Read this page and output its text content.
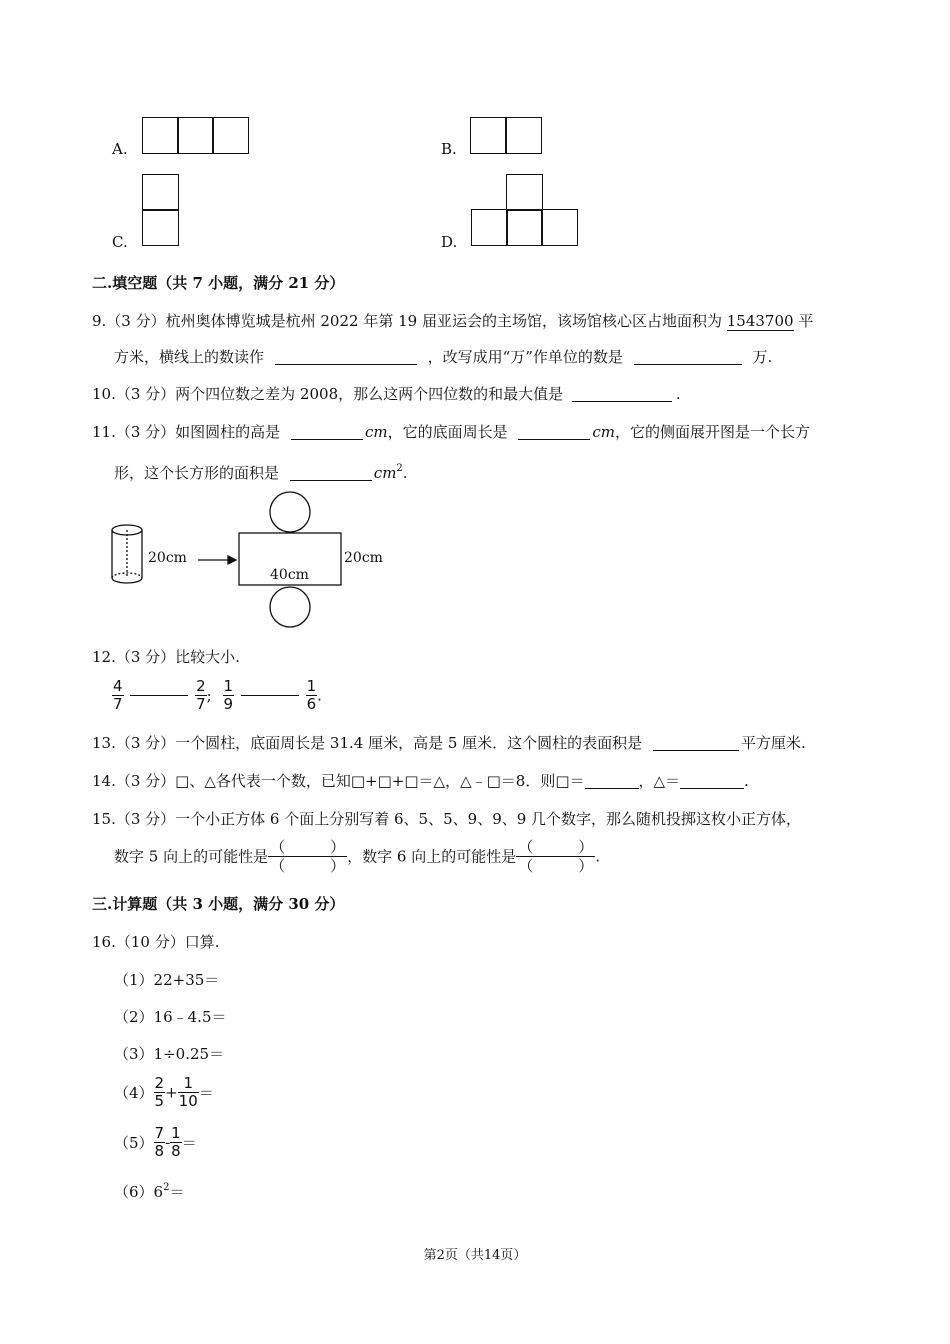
A.	B.
C.	D.
二.填空题（共 7 小题，满分 21 分）
9.（3 分）杭州奥体博览城是杭州 2022 年第 19 届亚运会的主场馆，该场馆核心区占地面积为 1543700 平
方米，横线上的数读作	，改写成用“万”作单位的数是	万.
10.（3 分）两个四位数之差为 2008，那么这两个四位数的和最大值是	.
11.（3 分）如图圆柱的高是	cm，它的底面周长是	cm，它的侧面展开图是一个长方
形，这个长方形的面积是	$cm^2$.
20cm
40cm
20cm
12.（3 分）比较大小.
$\frac{4}{7}$
	$\frac{2}{7}$ ; $\frac{1}{9}$
	$\frac{1}{6}$ .
13.（3 分）一个圆柱，底面周长是 31.4 厘米，高是 5 厘米．这个圆柱的表面积是	平方厘米.
14.（3 分）□、△各代表一个数，已知□+□+□＝△，△﹣□＝8．则□＝	，△＝	.
15.（3 分）一个小正方体 6 个面上分别写着 6、5、5、9、9、9 几个数字，那么随机投掷这枚小正方体，
数字 5 向上的可能性是
（　　　）
（　　　）
，数字 6 向上的可能性是
（　　　）
（　　　）
.
三.计算题（共 3 小题，满分 30 分）
16.（10 分）口算.
（1）22+35＝
（2）16﹣4.5＝
（3）1÷0.25＝
$(4) \frac{2}{5} + \frac{1}{10}$ ＝
$(5) \frac{7}{8} - \frac{1}{8}$ ＝
$(6)6^2=$
第2页（共14页）
